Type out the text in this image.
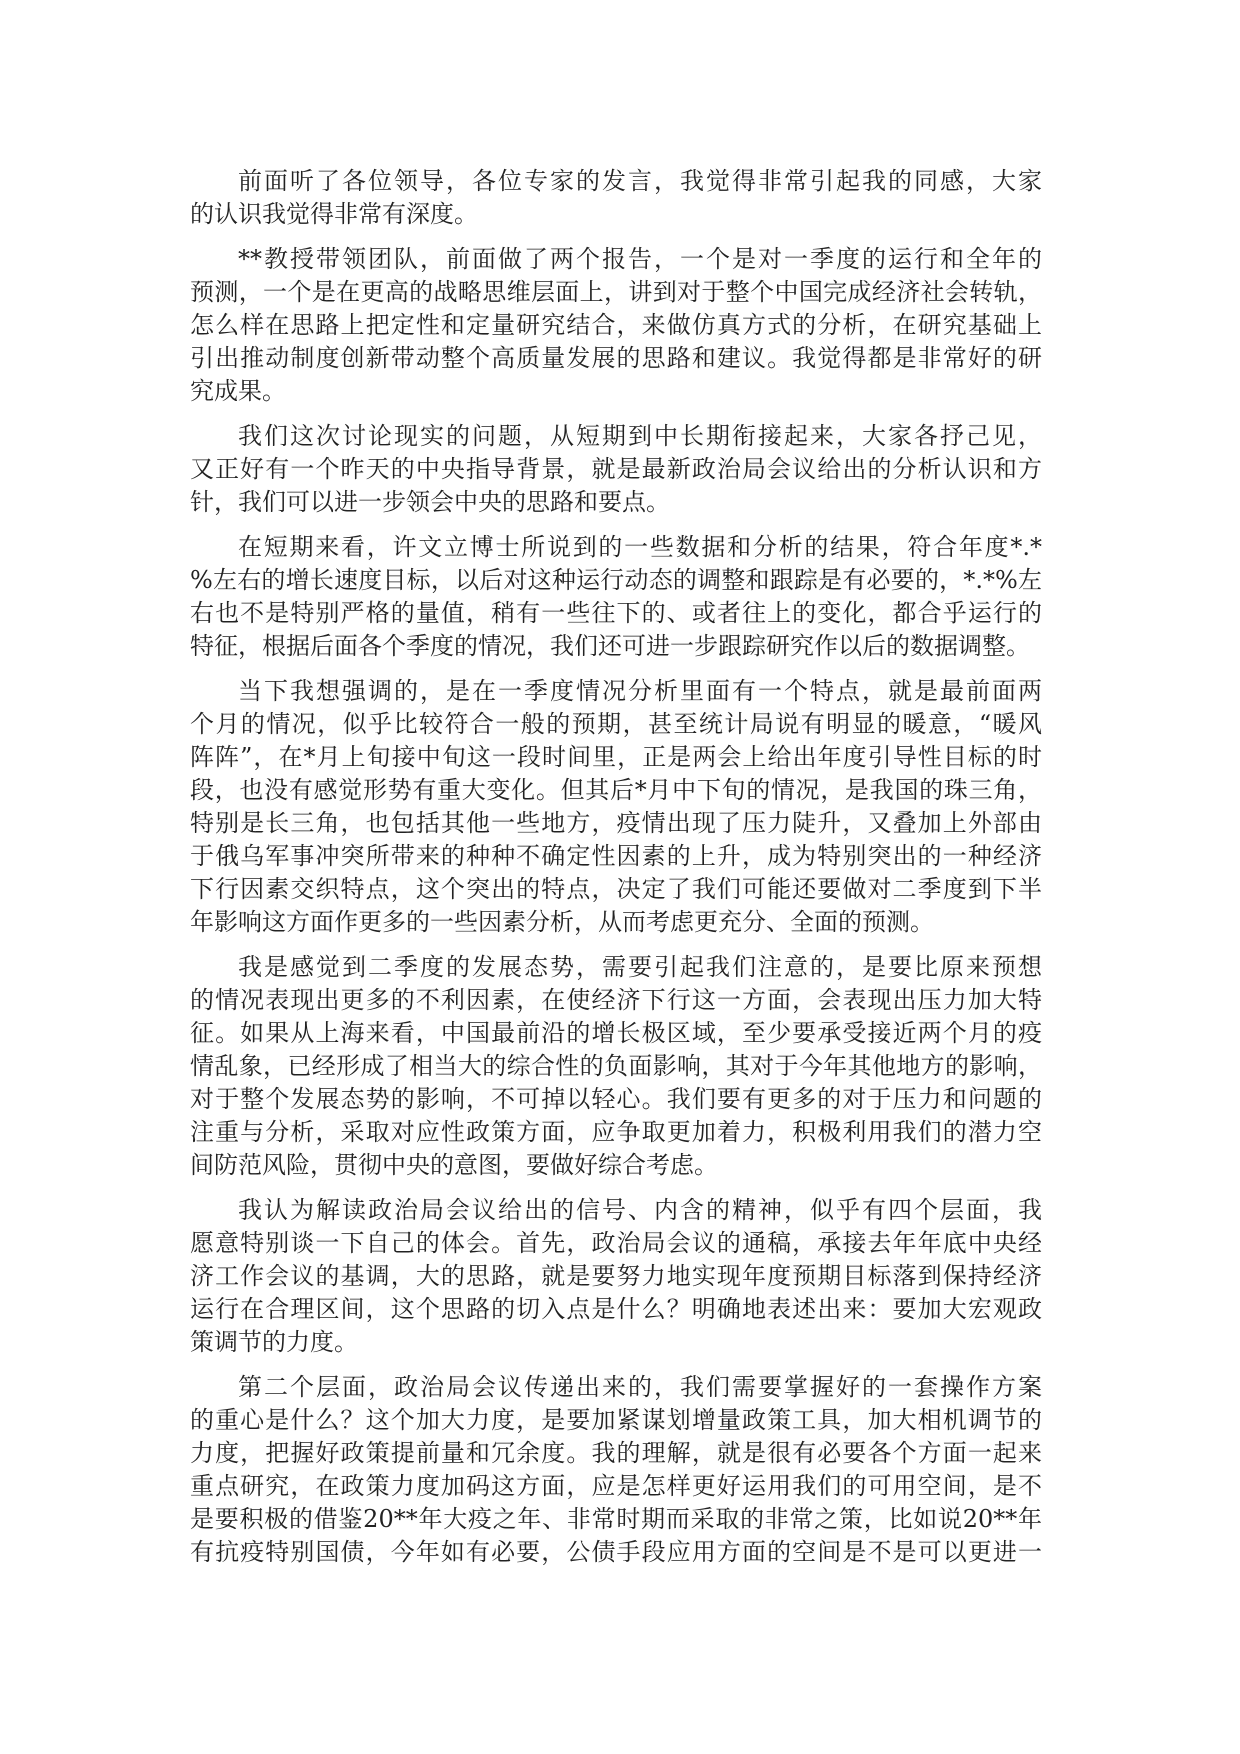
前面听了各位领导，各位专家的发言，我觉得非常引起我的同感，大家
的认识我觉得非常有深度。
**教授带领团队，前面做了两个报告，一个是对一季度的运行和全年的
预测，一个是在更高的战略思维层面上，讲到对于整个中国完成经济社会转轨，
怎么样在思路上把定性和定量研究结合，来做仿真方式的分析，在研究基础上
引出推动制度创新带动整个高质量发展的思路和建议。我觉得都是非常好的研
究成果。
我们这次讨论现实的问题，从短期到中长期衔接起来，大家各抒己见，
又正好有一个昨天的中央指导背景，就是最新政治局会议给出的分析认识和方
针，我们可以进一步领会中央的思路和要点。
在短期来看，许文立博士所说到的一些数据和分析的结果，符合年度*.*
%左右的增长速度目标，以后对这种运行动态的调整和跟踪是有必要的，*.*%左
右也不是特别严格的量值，稍有一些往下的、或者往上的变化，都合乎运行的
特征，根据后面各个季度的情况，我们还可进一步跟踪研究作以后的数据调整。
当下我想强调的，是在一季度情况分析里面有一个特点，就是最前面两
个月的情况，似乎比较符合一般的预期，甚至统计局说有明显的暖意，“暖风
阵阵”，在*月上旬接中旬这一段时间里，正是两会上给出年度引导性目标的时
段，也没有感觉形势有重大变化。但其后*月中下旬的情况，是我国的珠三角，
特别是长三角，也包括其他一些地方，疫情出现了压力陡升，又叠加上外部由
于俄乌军事冲突所带来的种种不确定性因素的上升，成为特别突出的一种经济
下行因素交织特点，这个突出的特点，决定了我们可能还要做对二季度到下半
年影响这方面作更多的一些因素分析，从而考虑更充分、全面的预测。
我是感觉到二季度的发展态势，需要引起我们注意的，是要比原来预想
的情况表现出更多的不利因素，在使经济下行这一方面，会表现出压力加大特
征。如果从上海来看，中国最前沿的增长极区域，至少要承受接近两个月的疫
情乱象，已经形成了相当大的综合性的负面影响，其对于今年其他地方的影响，
对于整个发展态势的影响，不可掉以轻心。我们要有更多的对于压力和问题的
注重与分析，采取对应性政策方面，应争取更加着力，积极利用我们的潜力空
间防范风险，贯彻中央的意图，要做好综合考虑。
我认为解读政治局会议给出的信号、内含的精神，似乎有四个层面，我
愿意特别谈一下自己的体会。首先，政治局会议的通稿，承接去年年底中央经
济工作会议的基调，大的思路，就是要努力地实现年度预期目标落到保持经济
运行在合理区间，这个思路的切入点是什么？明确地表述出来：要加大宏观政
策调节的力度。
第二个层面，政治局会议传递出来的，我们需要掌握好的一套操作方案
的重心是什么？这个加大力度，是要加紧谋划增量政策工具，加大相机调节的
力度，把握好政策提前量和冗余度。我的理解，就是很有必要各个方面一起来
重点研究，在政策力度加码这方面，应是怎样更好运用我们的可用空间，是不
是要积极的借鉴20**年大疫之年、非常时期而采取的非常之策，比如说20**年
有抗疫特别国债，今年如有必要，公债手段应用方面的空间是不是可以更进一
